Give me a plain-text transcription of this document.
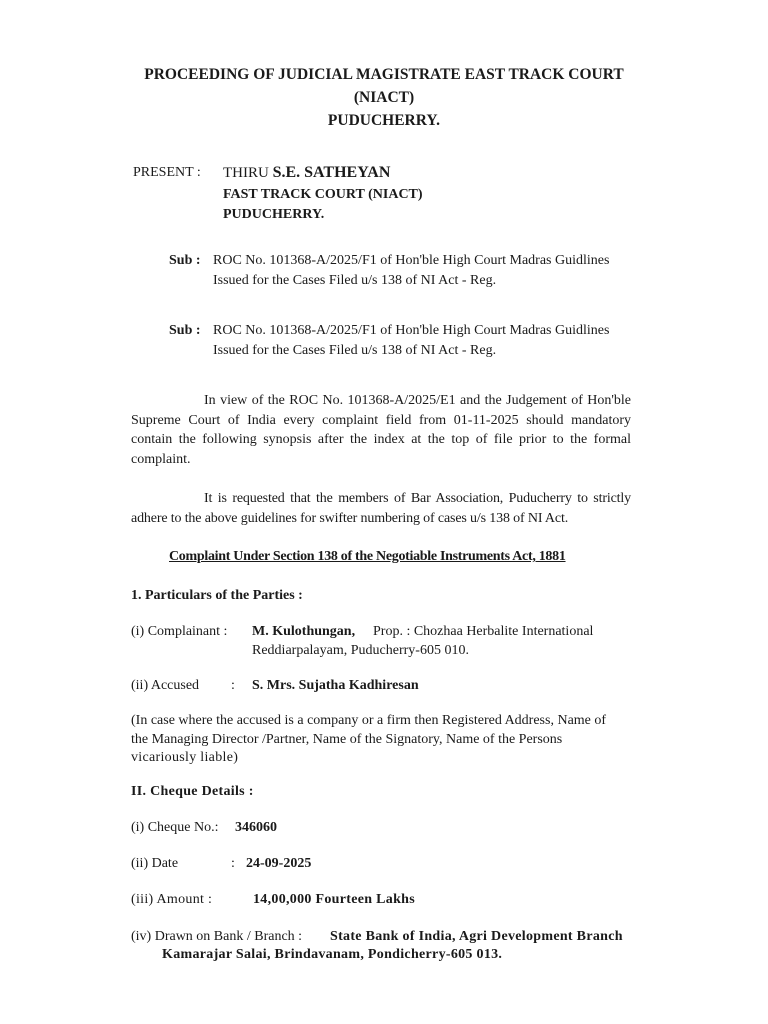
PROCEEDING OF JUDICIAL MAGISTRATE EAST TRACK COURT
(NIACT)
PUDUCHERRY.
PRESENT : THIRU S.E. SATHEYAN
FAST TRACK COURT (NIACT)
PUDUCHERRY.
Sub : ROC No. 101368-A/2025/F1 of Hon'ble High Court Madras Guidlines
Issued for the Cases Filed u/s 138 of NI Act - Reg.
Sub : ROC No. 101368-A/2025/F1 of Hon'ble High Court Madras Guidlines
Issued for the Cases Filed u/s 138 of NI Act - Reg.
In view of the ROC No. 101368-A/2025/E1 and the Judgement of Hon'ble Supreme Court of India every complaint field from 01-11-2025 should mandatory contain the following synopsis after the index at the top of file prior to the formal complaint.
It is requested that the members of Bar Association, Puducherry to strictly adhere to the above guidelines for swifter numbering of cases u/s 138 of NI Act.
Complaint Under Section 138 of the Negotiable Instruments Act, 1881
1. Particulars of the Parties :
(i) Complainant : M. Kulothungan, Prop. : Chozhaa Herbalite International
Reddiarpalayam, Puducherry-605 010.
(ii) Accused : S. Mrs. Sujatha Kadhiresan
(In case where the accused is a company or a firm then Registered Address, Name of
the Managing Director /Partner, Name of the Signatory, Name of the Persons
vicariously liable)
II. Cheque Details :
(i) Cheque No.: 346060
(ii) Date	: 24-09-2025
(iii) Amount :	14,00,000 Fourteen Lakhs
(iv) Drawn on Bank / Branch : State Bank of India, Agri Development Branch
Kamarajar Salai, Brindavanam, Pondicherry-605 013.
